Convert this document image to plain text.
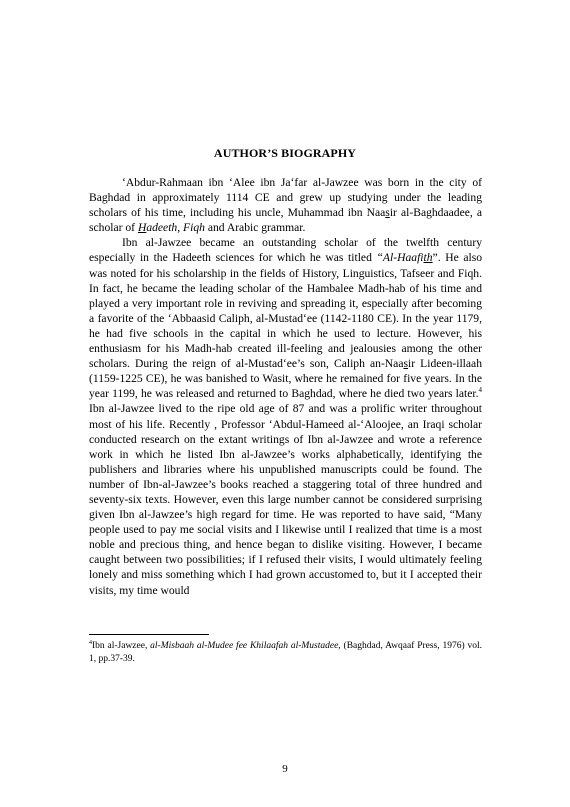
AUTHOR’S BIOGRAPHY

‘Abdur-Rahmaan ibn ‘Alee ibn Ja‘far al-Jawzee was born in the city of Baghdad in approximately 1114 CE and grew up studying under the leading scholars of his time, including his uncle, Muhammad ibn Naasir al-Baghdaadee, a scholar of Hadeeth, Fiqh and Arabic grammar.

Ibn al-Jawzee became an outstanding scholar of the twelfth century especially in the Hadeeth sciences for which he was titled “Al-Haafith”. He also was noted for his scholarship in the fields of History, Linguistics, Tafseer and Fiqh. In fact, he became the leading scholar of the Hambalee Madh-hab of his time and played a very important role in reviving and spreading it, especially after becoming a favorite of the ‘Abbaasid Caliph, al-Mustad‘ee (1142-1180 CE). In the year 1179, he had five schools in the capital in which he used to lecture. However, his enthusiasm for his Madh-hab created ill-feeling and jealousies among the other scholars. During the reign of al-Mustad‘ee’s son, Caliph an-Naasir Lideen-illaah (1159-1225 CE), he was banished to Wasit, where he remained for five years. In the year 1199, he was released and returned to Baghdad, where he died two years later.$^4$ Ibn al-Jawzee lived to the ripe old age of 87 and was a prolific writer throughout most of his life. Recently , Professor ‘Abdul-Hameed al-‘Aloojee, an Iraqi scholar conducted research on the extant writings of Ibn al-Jawzee and wrote a reference work in which he listed Ibn al-Jawzee’s works alphabetically, identifying the publishers and libraries where his unpublished manuscripts could be found. The number of Ibn-al-Jawzee’s books reached a staggering total of three hundred and seventy-six texts. However, even this large number cannot be considered surprising given Ibn al-Jawzee’s high regard for time. He was reported to have said, “Many people used to pay me social visits and I likewise until I realized that time is a most noble and precious thing, and hence began to dislike visiting. However, I became caught between two possibilities; if I refused their visits, I would ultimately feeling lonely and miss something which I had grown accustomed to, but it I accepted their visits, my time would

$^4$Ibn al-Jawzee, al-Misbaah al-Mudee fee Khilaafah al-Mustadee, (Baghdad, Awqaaf Press, 1976) vol. 1, pp.37-39.
9
